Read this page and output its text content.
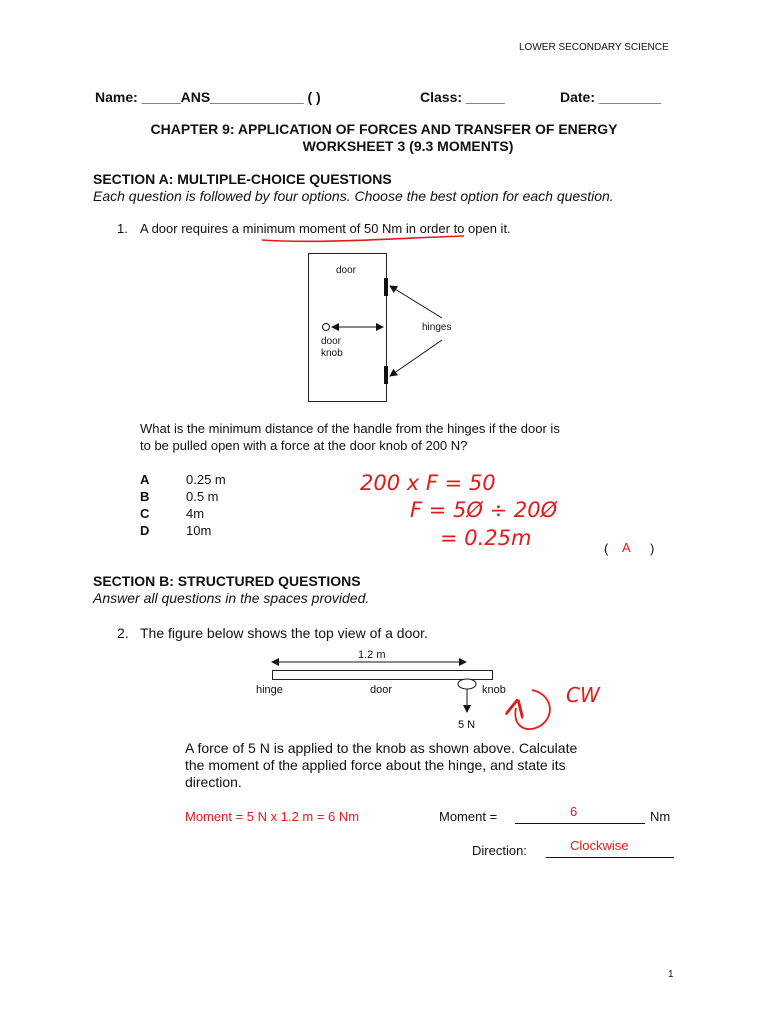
LOWER SECONDARY SCIENCE
Name: _____ANS____________ ( )	Class: _____	Date: ________
CHAPTER 9: APPLICATION OF FORCES AND TRANSFER OF ENERGY
WORKSHEET 3 (9.3 MOMENTS)
SECTION A: MULTIPLE-CHOICE QUESTIONS
Each question is followed by four options. Choose the best option for each question.
1. A door requires a minimum moment of 50 Nm in order to open it.
door
hinges
door
knob
What is the minimum distance of the handle from the hinges if the door is
to be pulled open with a force at the door knob of 200 N?
A	0.25 m
B	0.5 m
C	4m
D	10m
200 x F = 50
F = 5Ø ÷ 20Ø
= 0.25m	( A )
SECTION B: STRUCTURED QUESTIONS
Answer all questions in the spaces provided.
2. The figure below shows the top view of a door.
1.2 m
hinge	door	knob
5 N
CW
A force of 5 N is applied to the knob as shown above. Calculate
the moment of the applied force about the hinge, and state its
direction.
Moment = 5 N x 1.2 m = 6 Nm	Moment =	6	Nm
Direction:	Clockwise
1
